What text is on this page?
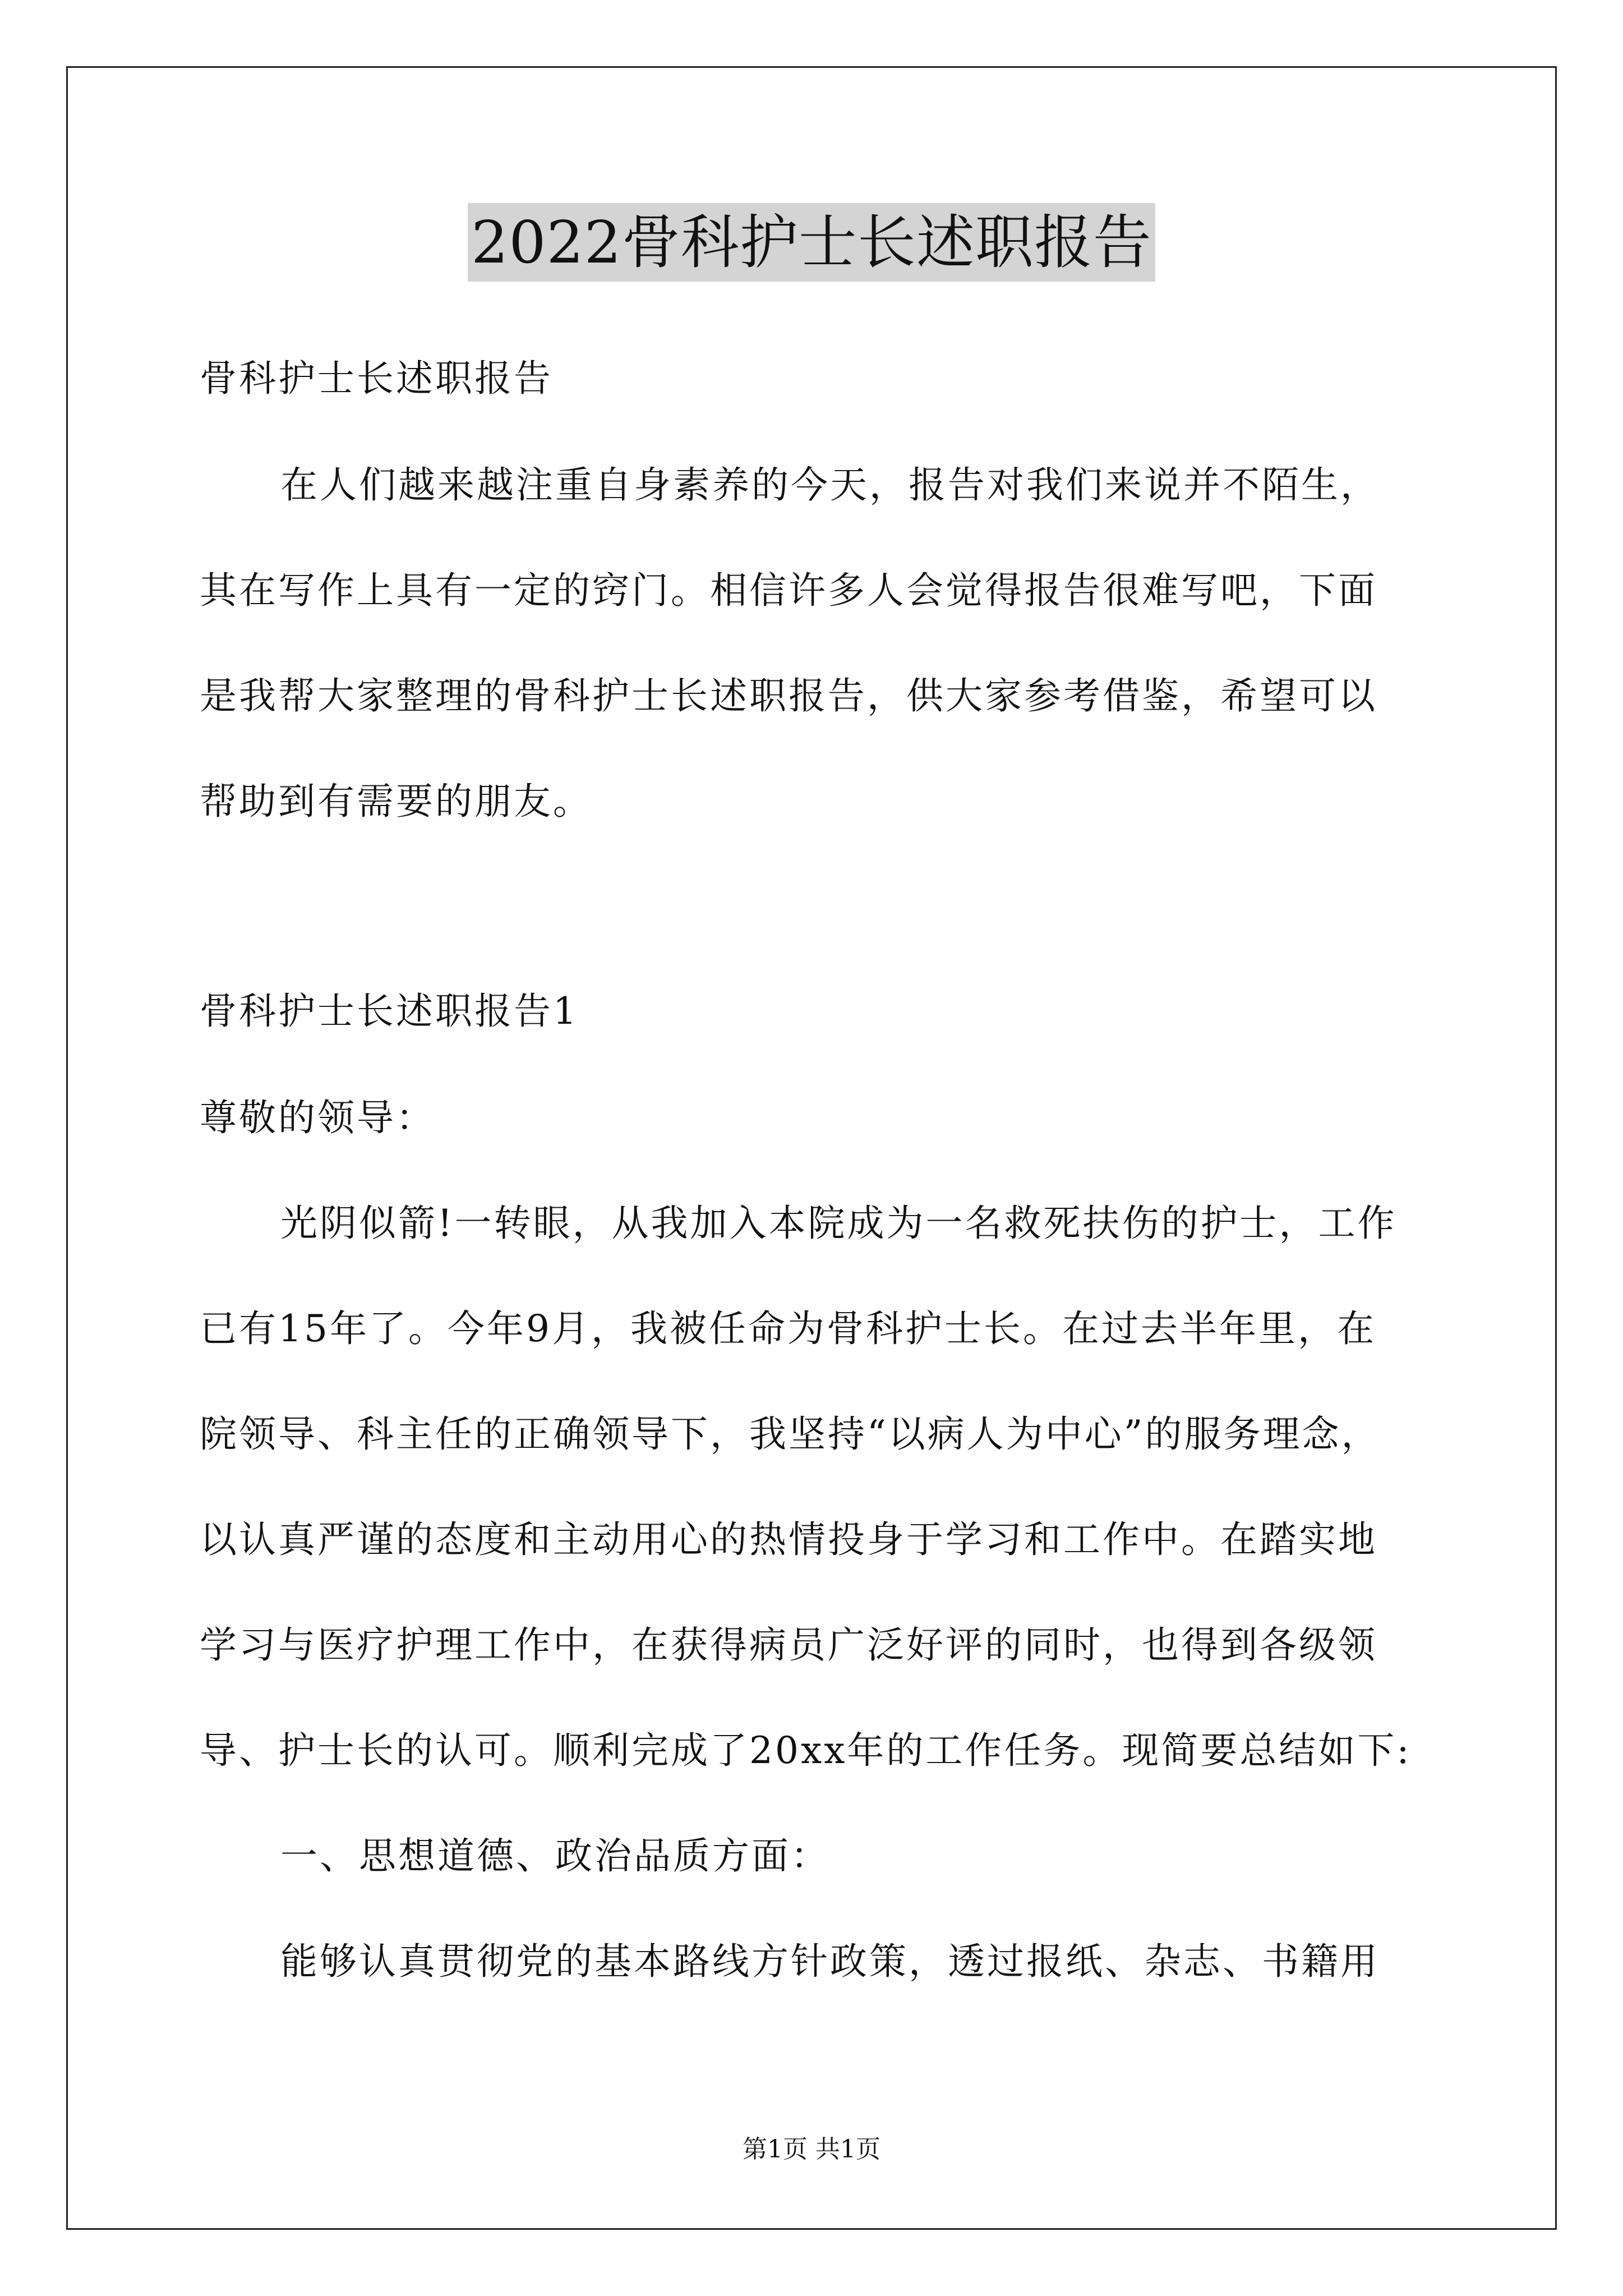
2022骨科护士长述职报告
骨科护士长述职报告
在人们越来越注重自身素养的今天，报告对我们来说并不陌生，
其在写作上具有一定的窍门。相信许多人会觉得报告很难写吧，下面
是我帮大家整理的骨科护士长述职报告，供大家参考借鉴，希望可以
帮助到有需要的朋友。
骨科护士长述职报告1
尊敬的领导：
光阴似箭!一转眼，从我加入本院成为一名救死扶伤的护士，工作
已有15年了。今年9月，我被任命为骨科护士长。在过去半年里，在
院领导、科主任的正确领导下，我坚持“以病人为中心”的服务理念，
以认真严谨的态度和主动用心的热情投身于学习和工作中。在踏实地
学习与医疗护理工作中，在获得病员广泛好评的同时，也得到各级领
导、护士长的认可。顺利完成了20xx年的工作任务。现简要总结如下:
一、思想道德、政治品质方面：
能够认真贯彻党的基本路线方针政策，透过报纸、杂志、书籍用
第1页 共1页
